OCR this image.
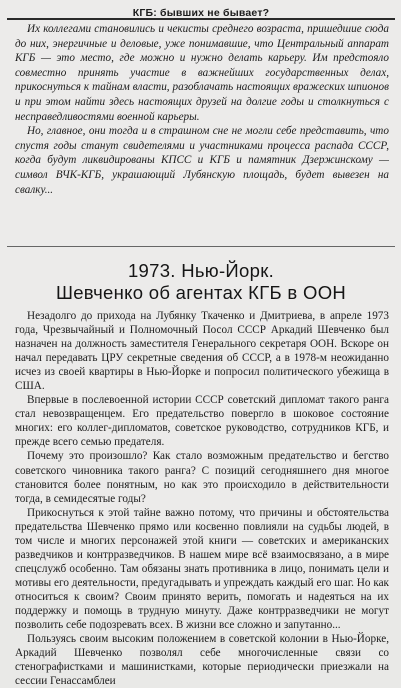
КГБ: бывших не бывает?

Их коллегами становились и чекисты среднего возраста, пришедшие сюда до них, энергичные и деловые, уже понимавшие, что Центральный аппарат КГБ — это место, где можно и нужно делать карьеру. Им предстояло совместно принять участие в важнейших государственных делах, прикоснуться к тайнам власти, разоблачать настоящих вражеских шпионов и при этом найти здесь настоящих друзей на долгие годы и столкнуться с несправедливостями военной карьеры.

Но, главное, они тогда и в страшном сне не могли себе представить, что спустя годы станут свидетелями и участниками процесса распада СССР, когда будут ликвидированы КПСС и КГБ и памятник Дзержинскому — символ ВЧК-КГБ, украшающий Лубянскую площадь, будет вывезен на свалку...

1973. Нью-Йорк.
Шевченко об агентах КГБ в ООН

Незадолго до прихода на Лубянку Ткаченко и Дмитриева, в апреле 1973 года, Чрезвычайный и Полномочный Посол СССР Аркадий Шевченко был назначен на должность заместителя Генерального секретаря ООН. Вскоре он начал передавать ЦРУ секретные сведения об СССР, а в 1978-м неожиданно исчез из своей квартиры в Нью-Йорке и попросил политического убежища в США.

Впервые в послевоенной истории СССР советский дипломат такого ранга стал невозвращенцем. Его предательство повергло в шоковое состояние многих: его коллег-дипломатов, советское руководство, сотрудников КГБ, и прежде всего семью предателя.

Почему это произошло? Как стало возможным предательство и бегство советского чиновника такого ранга? С позиций сегодняшнего дня многое становится более понятным, но как это происходило в действительности тогда, в семидесятые годы?

Прикоснуться к этой тайне важно потому, что причины и обстоятельства предательства Шевченко прямо или косвенно повлияли на судьбы людей, в том числе и многих персонажей этой книги — советских и американских разведчиков и контрразведчиков. В нашем мире всё взаимосвязано, а в мире спецслужб особенно. Там обязаны знать противника в лицо, понимать цели и мотивы его деятельности, предугадывать и упреждать каждый его шаг. Но как относиться к своим? Своим принято верить, помогать и надеяться на их поддержку и помощь в трудную минуту. Даже контрразведчики не могут позволить себе подозревать всех. В жизни все сложно и запутанно...

Пользуясь своим высоким положением в советской колонии в Нью-Йорке, Аркадий Шевченко позволял себе многочисленные связи со стенографистками и машинистками, которые периодически приезжали на сессии Генассамблеи
